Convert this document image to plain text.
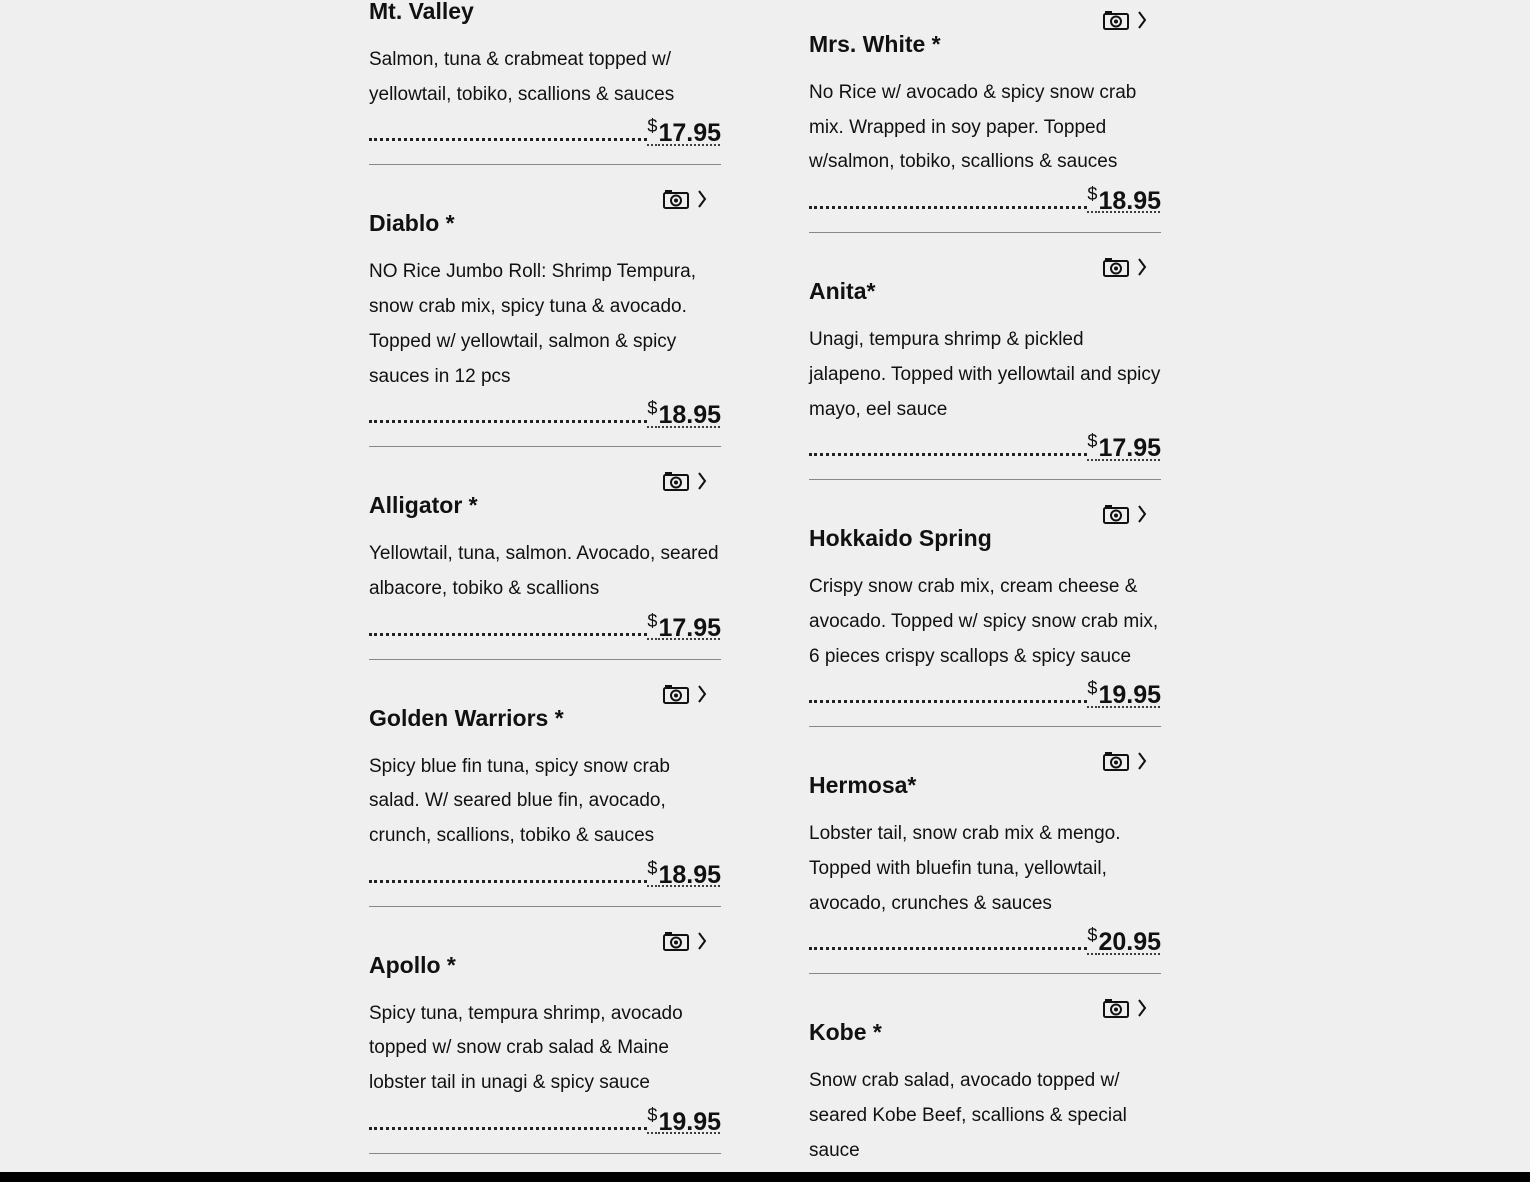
Mt. Valley

Salmon, tuna & crabmeat topped w/ yellowtail, tobiko, scallions & sauces

$17.95
Diablo *

NO Rice Jumbo Roll: Shrimp Tempura, snow crab mix, spicy tuna & avocado. Topped w/ yellowtail, salmon & spicy sauces in 12 pcs

$18.95
Alligator *

Yellowtail, tuna, salmon. Avocado, seared albacore, tobiko & scallions

$17.95
Golden Warriors *

Spicy blue fin tuna, spicy snow crab salad. W/ seared blue fin, avocado, crunch, scallions, tobiko & sauces

$18.95
Apollo *

Spicy tuna, tempura shrimp, avocado topped w/ snow crab salad & Maine lobster tail in unagi & spicy sauce

$19.95
Mrs. White *

No Rice w/ avocado & spicy snow crab mix. Wrapped in soy paper. Topped w/salmon, tobiko, scallions & sauces

$18.95
Anita*

Unagi, tempura shrimp & pickled jalapeno. Topped with yellowtail and spicy mayo, eel sauce

$17.95
Hokkaido Spring

Crispy snow crab mix, cream cheese & avocado. Topped w/ spicy snow crab mix, 6 pieces crispy scallops & spicy sauce

$19.95
Hermosa*

Lobster tail, snow crab mix & mengo. Topped with bluefin tuna, yellowtail, avocado, crunches & sauces

$20.95
Kobe *

Snow crab salad, avocado topped w/ seared Kobe Beef, scallions & special sauce
